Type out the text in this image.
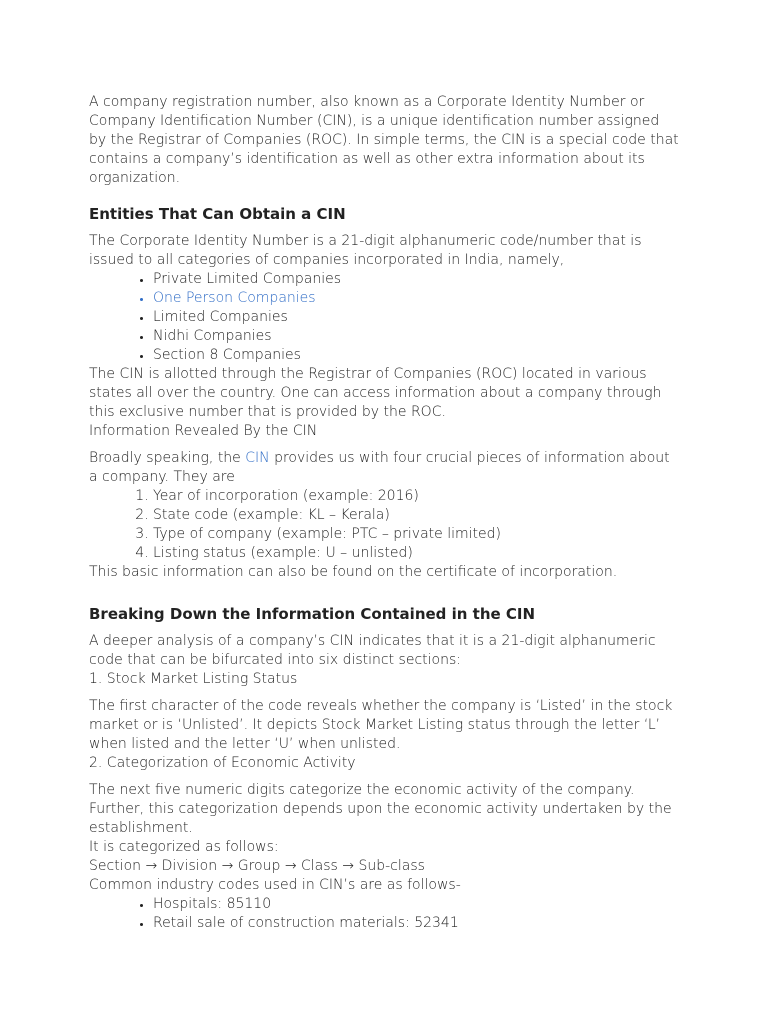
A company registration number, also known as a Corporate Identity Number or Company Identification Number (CIN), is a unique identification number assigned by the Registrar of Companies (ROC). In simple terms, the CIN is a special code that contains a company’s identification as well as other extra information about its organization.

Entities That Can Obtain a CIN

The Corporate Identity Number is a 21-digit alphanumeric code/number that is issued to all categories of companies incorporated in India, namely,

• Private Limited Companies
• One Person Companies
• Limited Companies
• Nidhi Companies
• Section 8 Companies

The CIN is allotted through the Registrar of Companies (ROC) located in various states all over the country. One can access information about a company through this exclusive number that is provided by the ROC.

Information Revealed By the CIN

Broadly speaking, the CIN provides us with four crucial pieces of information about a company. They are

1. Year of incorporation (example: 2016)
2. State code (example: KL – Kerala)
3. Type of company (example: PTC – private limited)
4. Listing status (example: U – unlisted)

This basic information can also be found on the certificate of incorporation.

Breaking Down the Information Contained in the CIN

A deeper analysis of a company’s CIN indicates that it is a 21-digit alphanumeric code that can be bifurcated into six distinct sections:

1. Stock Market Listing Status

The first character of the code reveals whether the company is ‘Listed’ in the stock market or is ‘Unlisted’. It depicts Stock Market Listing status through the letter ‘L’ when listed and the letter ‘U’ when unlisted.

2. Categorization of Economic Activity

The next five numeric digits categorize the economic activity of the company. Further, this categorization depends upon the economic activity undertaken by the establishment.

It is categorized as follows:

Section → Division → Group → Class → Sub-class

Common industry codes used in CIN’s are as follows-

• Hospitals: 85110
• Retail sale of construction materials: 52341
